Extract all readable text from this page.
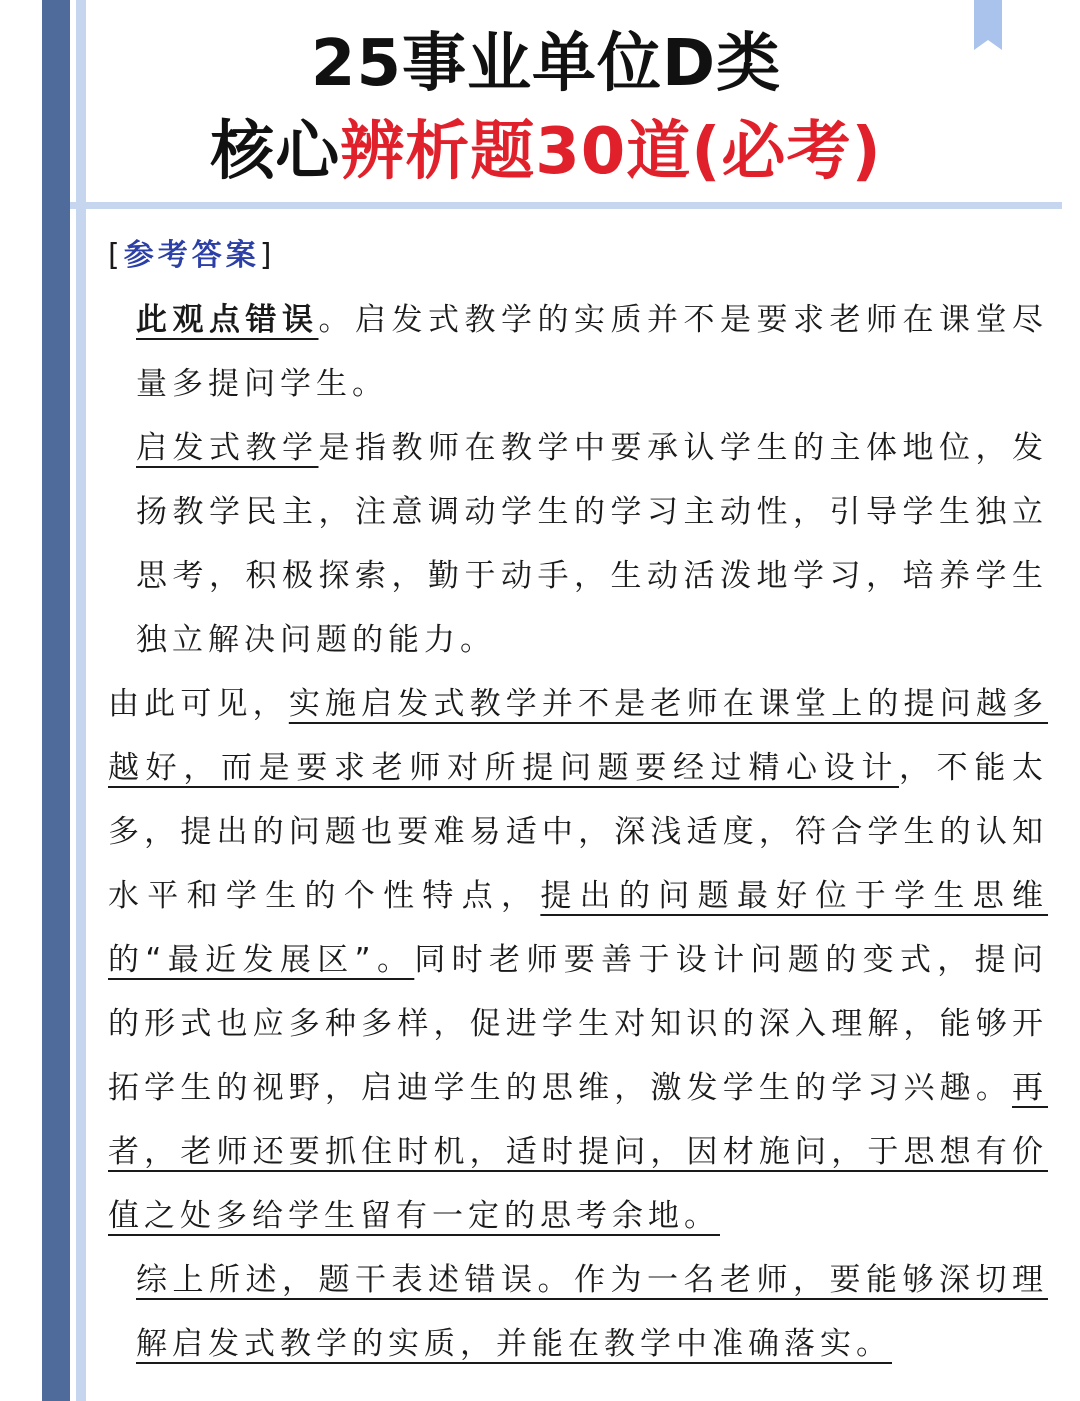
25事业单位D类
核心辨析题30道(必考)
[参考答案]

此观点错误。启发式教学的实质并不是要求老师在课堂尽量多提问学生。

启发式教学是指教师在教学中要承认学生的主体地位，发扬教学民主，注意调动学生的学习主动性，引导学生独立思考，积极探索，勤于动手，生动活泼地学习，培养学生独立解决问题的能力。

由此可见，实施启发式教学并不是老师在课堂上的提问越多越好，而是要求老师对所提问题要经过精心设计，不能太多，提出的问题也要难易适中，深浅适度，符合学生的认知水平和学生的个性特点，提出的问题最好位于学生思维的“最近发展区”。同时老师要善于设计问题的变式，提问的形式也应多种多样，促进学生对知识的深入理解，能够开拓学生的视野，启迪学生的思维，激发学生的学习兴趣。再者，老师还要抓住时机，适时提问，因材施问，于思想有价值之处多给学生留有一定的思考余地。

综上所述，题干表述错误。作为一名老师，要能够深切理解启发式教学的实质，并能在教学中准确落实。
